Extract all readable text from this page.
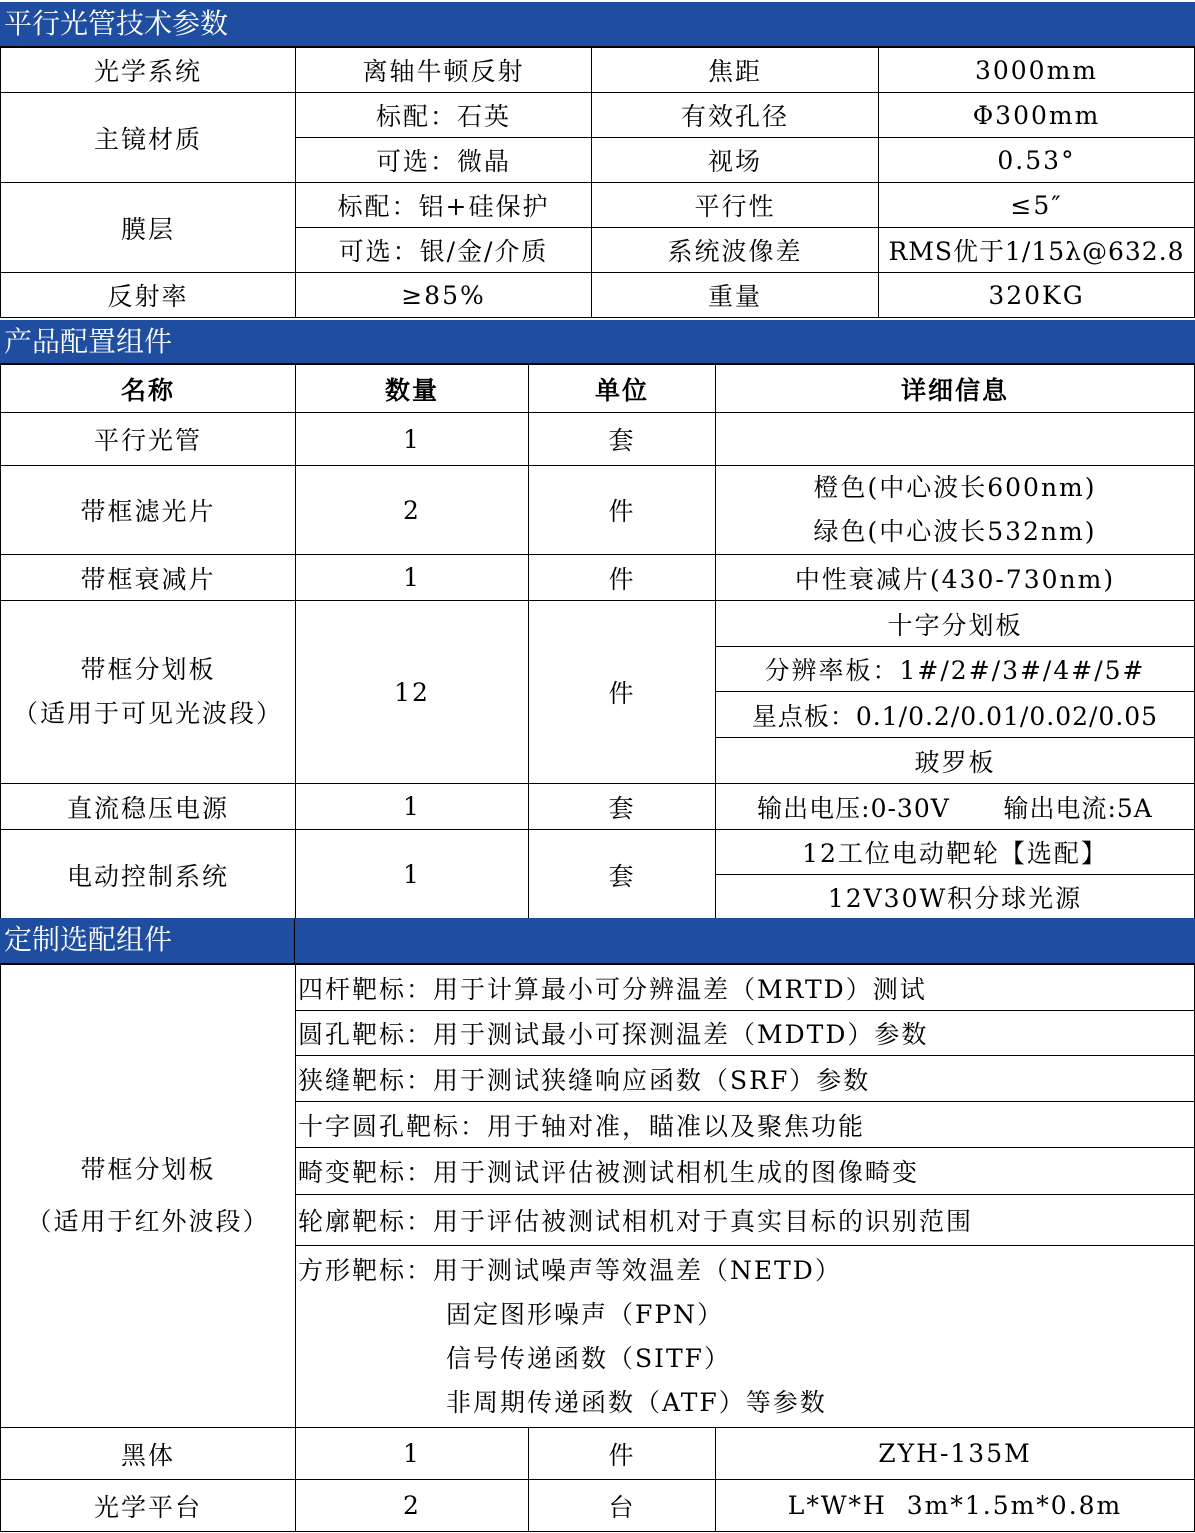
平行光管技术参数
光学系统	离轴牛顿反射	焦距	3000mm
主镜材质	标配：石英	有效孔径	Φ300mm
	可选：微晶	视场	0.53°
膜层	标配：铝+硅保护	平行性	≤5″
	可选：银/金/介质	系统波像差	RMS优于1/15λ@632.8
反射率	≥85%	重量	320KG
产品配置组件
名称	数量	单位	详细信息
平行光管	1	套	
带框滤光片	2	件	橙色(中心波长600nm)
绿色(中心波长532nm)

带框衰减片	1	件	中性衰减片(430-730nm)

带框分划板
（适用于可见光波段）	12	件	十字分划板
			分辨率板：1#/2#/3#/4#/5#
			星点板：0.1/0.2/0.01/0.02/0.05
			玻罗板
直流稳压电源	1	套	输出电压:0-30V      输出电流:5A
电动控制系统	1	套	12工位电动靶轮【选配】
			12V30W积分球光源
定制选配组件
带框分划板
（适用于红外波段）	四杆靶标：用于计算最小可分辨温差（MRTD）测试		
	圆孔靶标：用于测试最小可探测温差（MDTD）参数		
	狭缝靶标：用于测试狭缝响应函数（SRF）参数		
	十字圆孔靶标：用于轴对准，瞄准以及聚焦功能		
	畸变靶标：用于测试评估被测试相机生成的图像畸变		
	轮廓靶标：用于评估被测试相机对于真实目标的识别范围		

	方形靶标：用于测试噪声等效温差（NETD）
固定图形噪声（FPN）
信号传递函数（SITF）
非周期传递函数（ATF）等参数		

黑体	1	件	ZYH-135M
光学平台	2	台	L*W*H  3m*1.5m*0.8m
